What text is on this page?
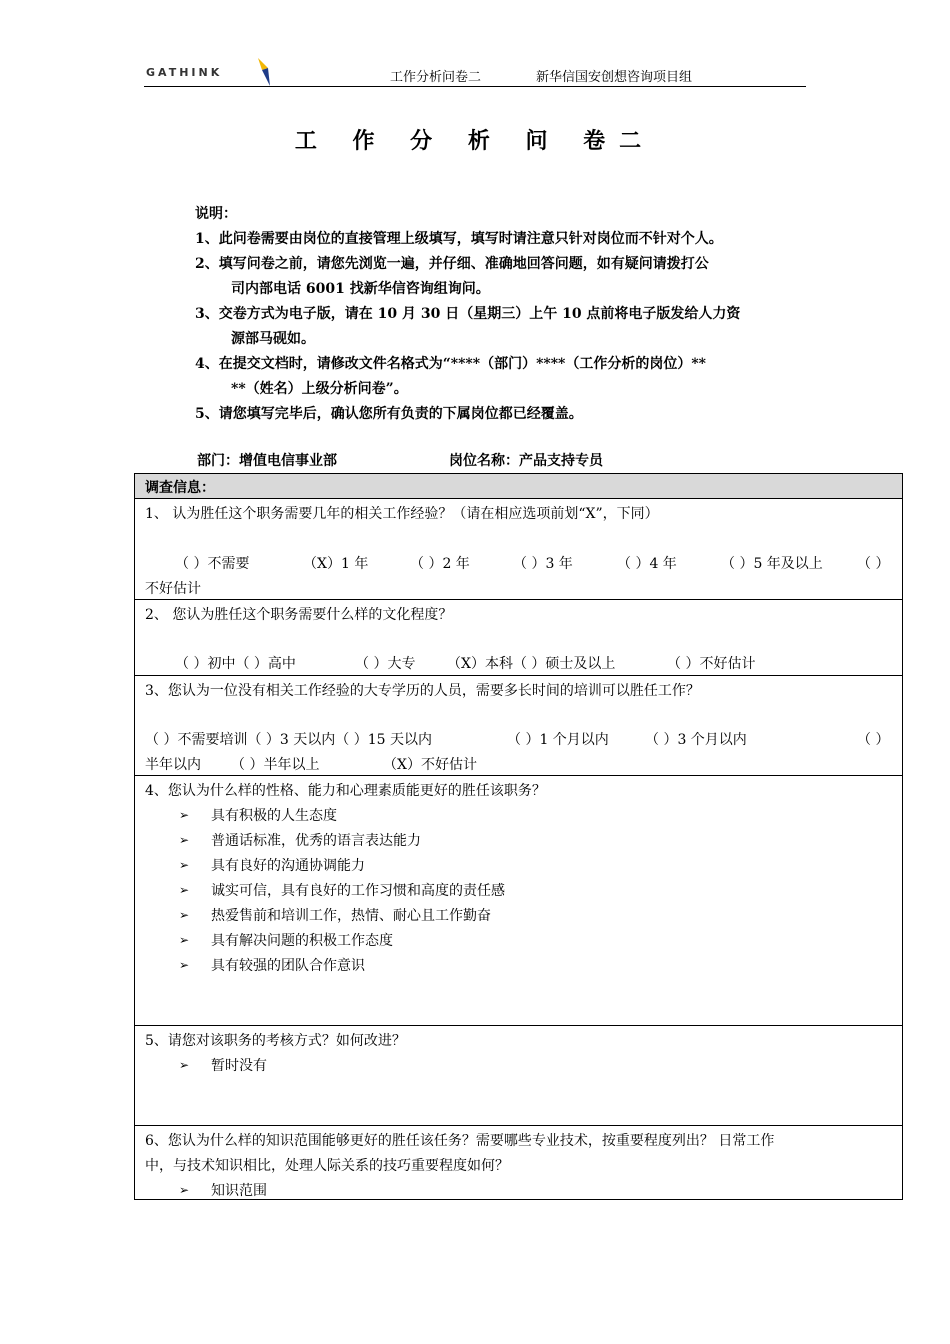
GATHINK	工作分析问卷二	新华信国安创想咨询项目组
工 作 分 析 问 卷二
说明：
1、此问卷需要由岗位的直接管理上级填写，填写时请注意只针对岗位而不针对个人。
2、填写问卷之前，请您先浏览一遍，并仔细、准确地回答问题，如有疑问请拨打公
司内部电话 6001 找新华信咨询组询问。
3、交卷方式为电子版，请在 10 月 30 日（星期三）上午 10 点前将电子版发给人力资
源部马砚如。
4、在提交文档时，请修改文件名格式为“****（部门）****（工作分析的岗位）**
**（姓名）上级分析问卷”。
5、请您填写完毕后，确认您所有负责的下属岗位都已经覆盖。
部门：增值电信事业部	岗位名称：产品支持专员
调查信息：
1、 认为胜任这个职务需要几年的相关工作经验？（请在相应选项前划“X”，下同）
（ ）不需要	（X）1 年	（ ）2 年	（ ）3 年	（ ）4 年	（ ）5 年及以上 （ ）
不好估计
2、 您认为胜任这个职务需要什么样的文化程度？
（ ）初中（ ）高中	（ ）大专 （X）本科（ ）硕士及以上	（ ）不好估计
3、您认为一位没有相关工作经验的大专学历的人员，需要多长时间的培训可以胜任工作？
（ ）不需要培训（ ）3 天以内（ ）15 天以内	（ ）1 个月以内	（ ）3 个月以内	（ ）
半年以内 （ ）半年以上	（X）不好估计
4、您认为什么样的性格、能力和心理素质能更好的胜任该职务？
➢ 具有积极的人生态度
➢ 普通话标准，优秀的语言表达能力
➢ 具有良好的沟通协调能力
➢ 诚实可信，具有良好的工作习惯和高度的责任感
➢ 热爱售前和培训工作，热情、耐心且工作勤奋
➢ 具有解决问题的积极工作态度
➢ 具有较强的团队合作意识
5、请您对该职务的考核方式？如何改进？
➢ 暂时没有
6、您认为什么样的知识范围能够更好的胜任该任务？需要哪些专业技术，按重要程度列出？ 日常工作
中，与技术知识相比，处理人际关系的技巧重要程度如何？
➢ 知识范围
